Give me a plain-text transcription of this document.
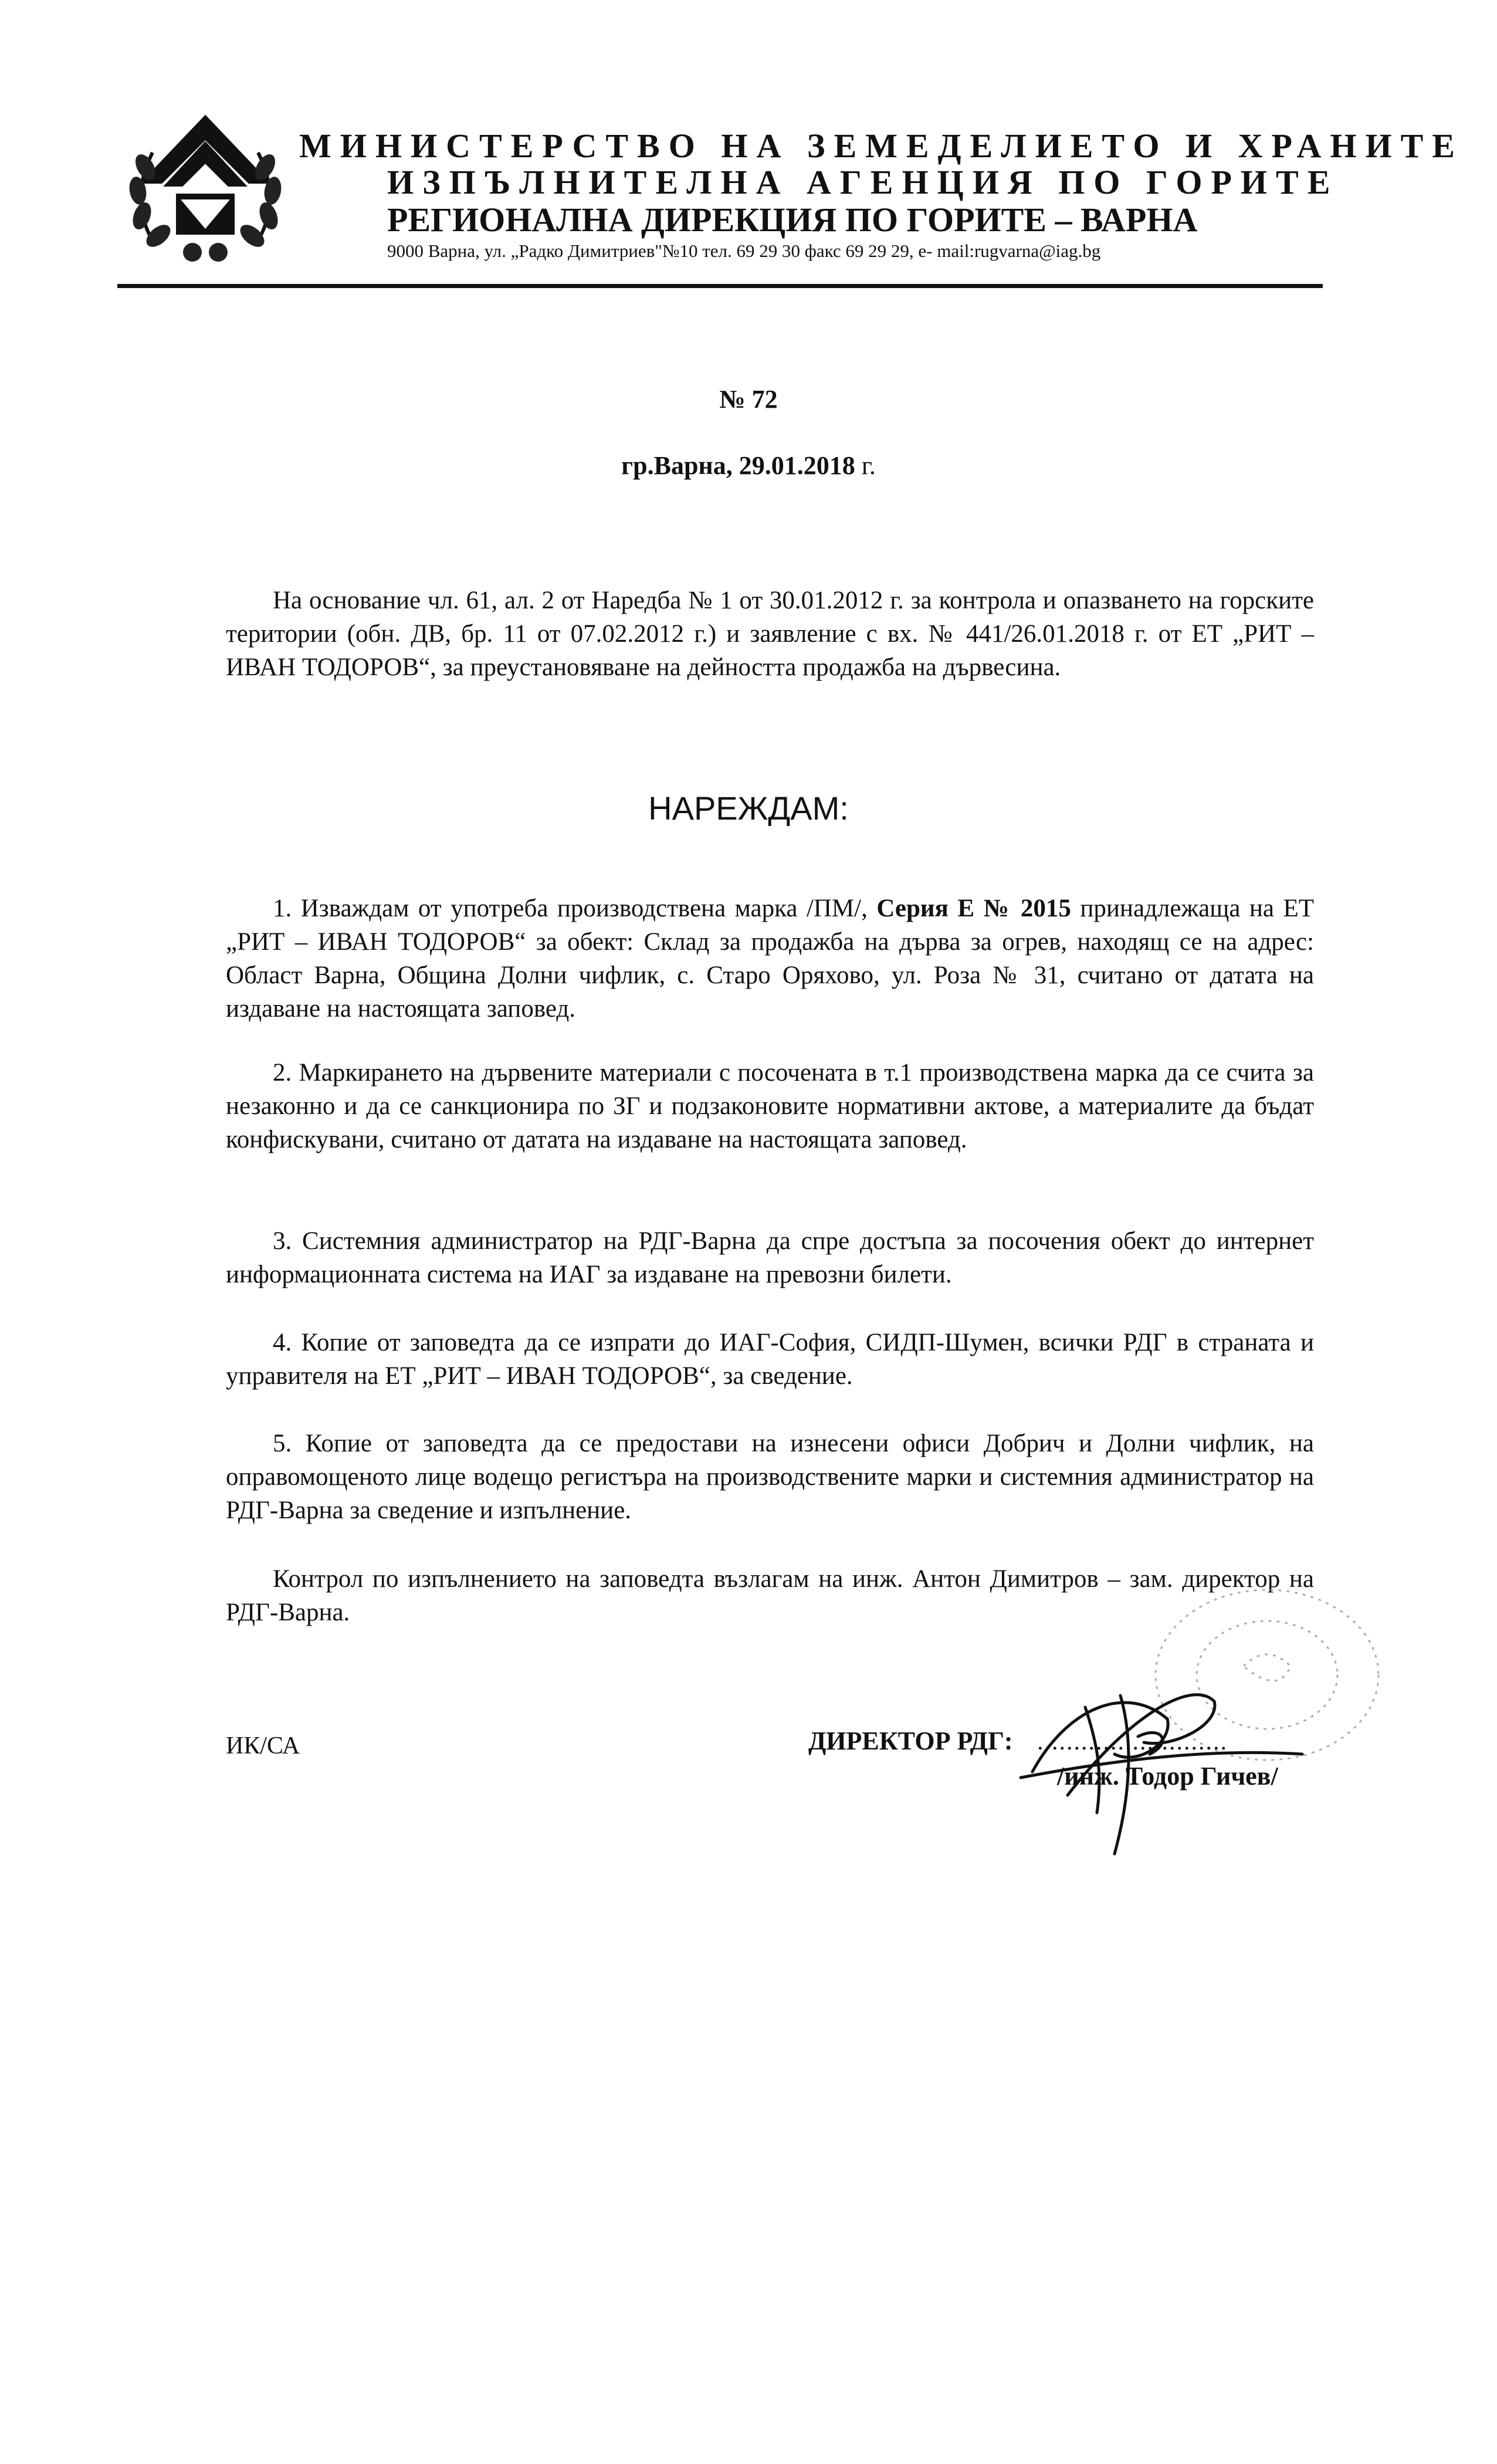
МИНИСТЕРСТВО НА ЗЕМЕДЕЛИЕТО И ХРАНИТЕ
ИЗПЪЛНИТЕЛНА АГЕНЦИЯ ПО ГОРИТЕ
РЕГИОНАЛНА ДИРЕКЦИЯ ПО ГОРИТЕ – ВАРНА
9000 Варна, ул. „Радко Димитриев"№10 тел. 69 29 30 факс 69 29 29, e- mail:rugvarna@iag.bg
№ 72
гр.Варна, 29.01.2018 г.
На основание чл. 61, ал. 2 от Наредба № 1 от 30.01.2012 г. за контрола и опазването на горските територии (обн. ДВ, бр. 11 от 07.02.2012 г.) и заявление с вх. № 441/26.01.2018 г. от ЕТ „РИТ – ИВАН ТОДОРОВ“, за преустановяване на дейността продажба на дървесина.
НАРЕЖДАМ:
1. Изваждам от употреба производствена марка /ПМ/, Серия Е № 2015 принадлежаща на ЕТ „РИТ – ИВАН ТОДОРОВ“ за обект: Склад за продажба на дърва за огрев, находящ се на адрес: Област Варна, Община Долни чифлик, с. Старо Оряхово, ул. Роза № 31, считано от датата на издаване на настоящата заповед.
2. Маркирането на дървените материали с посочената в т.1 производствена марка да се счита за незаконно и да се санкционира по ЗГ и подзаконовите нормативни актове, а материалите да бъдат конфискувани, считано от датата на издаване на настоящата заповед.
3. Системния администратор на РДГ-Варна да спре достъпа за посочения обект до интернет информационната система на ИАГ за издаване на превозни билети.
4. Копие от заповедта да се изпрати до ИАГ-София, СИДП-Шумен, всички РДГ в страната и управителя на ЕТ „РИТ – ИВАН ТОДОРОВ“, за сведение.
5. Копие от заповедта да се предостави на изнесени офиси Добрич и Долни чифлик, на оправомощеното лице водещо регистъра на производствените марки и системния администратор на РДГ-Варна за сведение и изпълнение.
Контрол по изпълнението на заповедта възлагам на инж. Антон Димитров – зам. директор на РДГ-Варна.
ИК/СА	ДИРЕКТОР РДГ: ..........................
/инж. Тодор Гичев/
